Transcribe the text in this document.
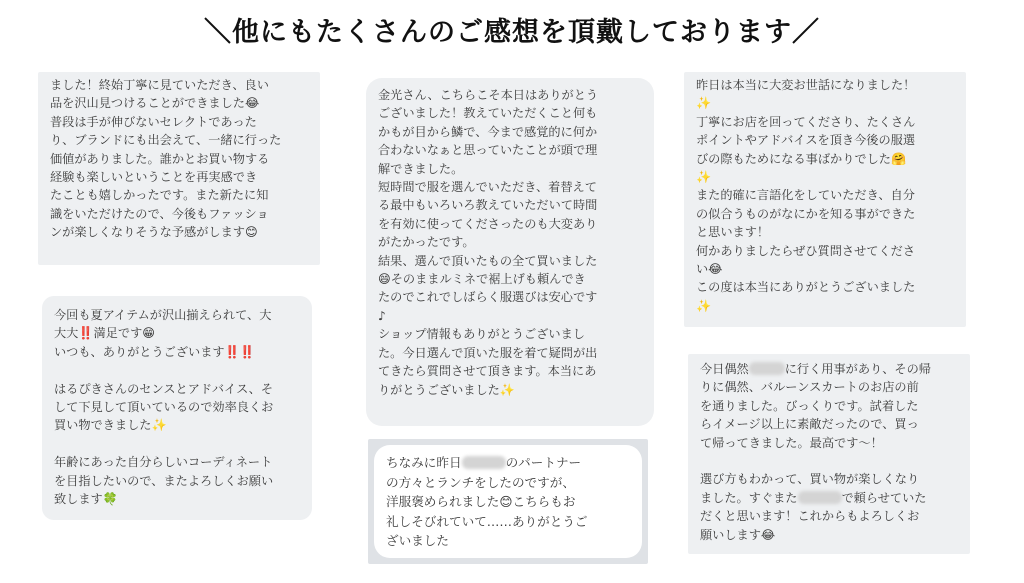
＼他にもたくさんのご感想を頂戴しております／
ました！終始丁寧に見ていただき、良い
品を沢山見つけることができました😂
普段は手が伸びないセレクトであった
り、ブランドにも出会えて、一緒に行った
価値がありました。誰かとお買い物する
経験も楽しいということを再実感でき
たことも嬉しかったです。また新たに知
識をいただけたので、今後もファッショ
ンが楽しくなりそうな予感がします😊
今回も夏アイテムが沢山揃えられて、大
大大‼️満足です😁
いつも、ありがとうございます‼️‼️
はるぴきさんのセンスとアドバイス、そ
して下見して頂いているので効率良くお
買い物できました✨
年齢にあった自分らしいコーディネート
を目指したいので、またよろしくお願い
致します🍀
金光さん、こちらこそ本日はありがとう
ございました！教えていただくこと何も
かもが目から鱗で、今まで感覚的に何か
合わないなぁと思っていたことが頭で理
解できました。
短時間で服を選んでいただき、着替えて
る最中もいろいろ教えていただいて時間
を有効に使ってくださったのも大変あり
がたかったです。
結果、選んで頂いたもの全て買いました
😄そのままルミネで裾上げも頼んでき
たのでこれでしばらく服選びは安心です
♪
ショップ情報もありがとうございまし
た。今日選んで頂いた服を着て疑問が出
てきたら質問させて頂きます。本当にあ
りがとうございました✨
ちなみに昨日	のパートナー
の方々とランチをしたのですが、
洋服褒められました😊こちらもお
礼しそびれていて……ありがとうご
ざいました
昨日は本当に大変お世話になりました！
✨
丁寧にお店を回ってくださり、たくさん
ポイントやアドバイスを頂き今後の服選
びの際もためになる事ばかりでした🤗
✨
また的確に言語化をしていただき、自分
の似合うものがなにかを知る事ができた
と思います！
何かありましたらぜひ質問させてくださ
い😂
この度は本当にありがとうございました
✨
今日偶然	に行く用事があり、その帰
りに偶然、バルーンスカートのお店の前
を通りました。びっくりです。試着した
らイメージ以上に素敵だったので、買っ
て帰ってきました。最高です〜！
選び方もわかって、買い物が楽しくなり
ました。すぐまた	で頼らせていた
だくと思います！これからもよろしくお
願いします😂
